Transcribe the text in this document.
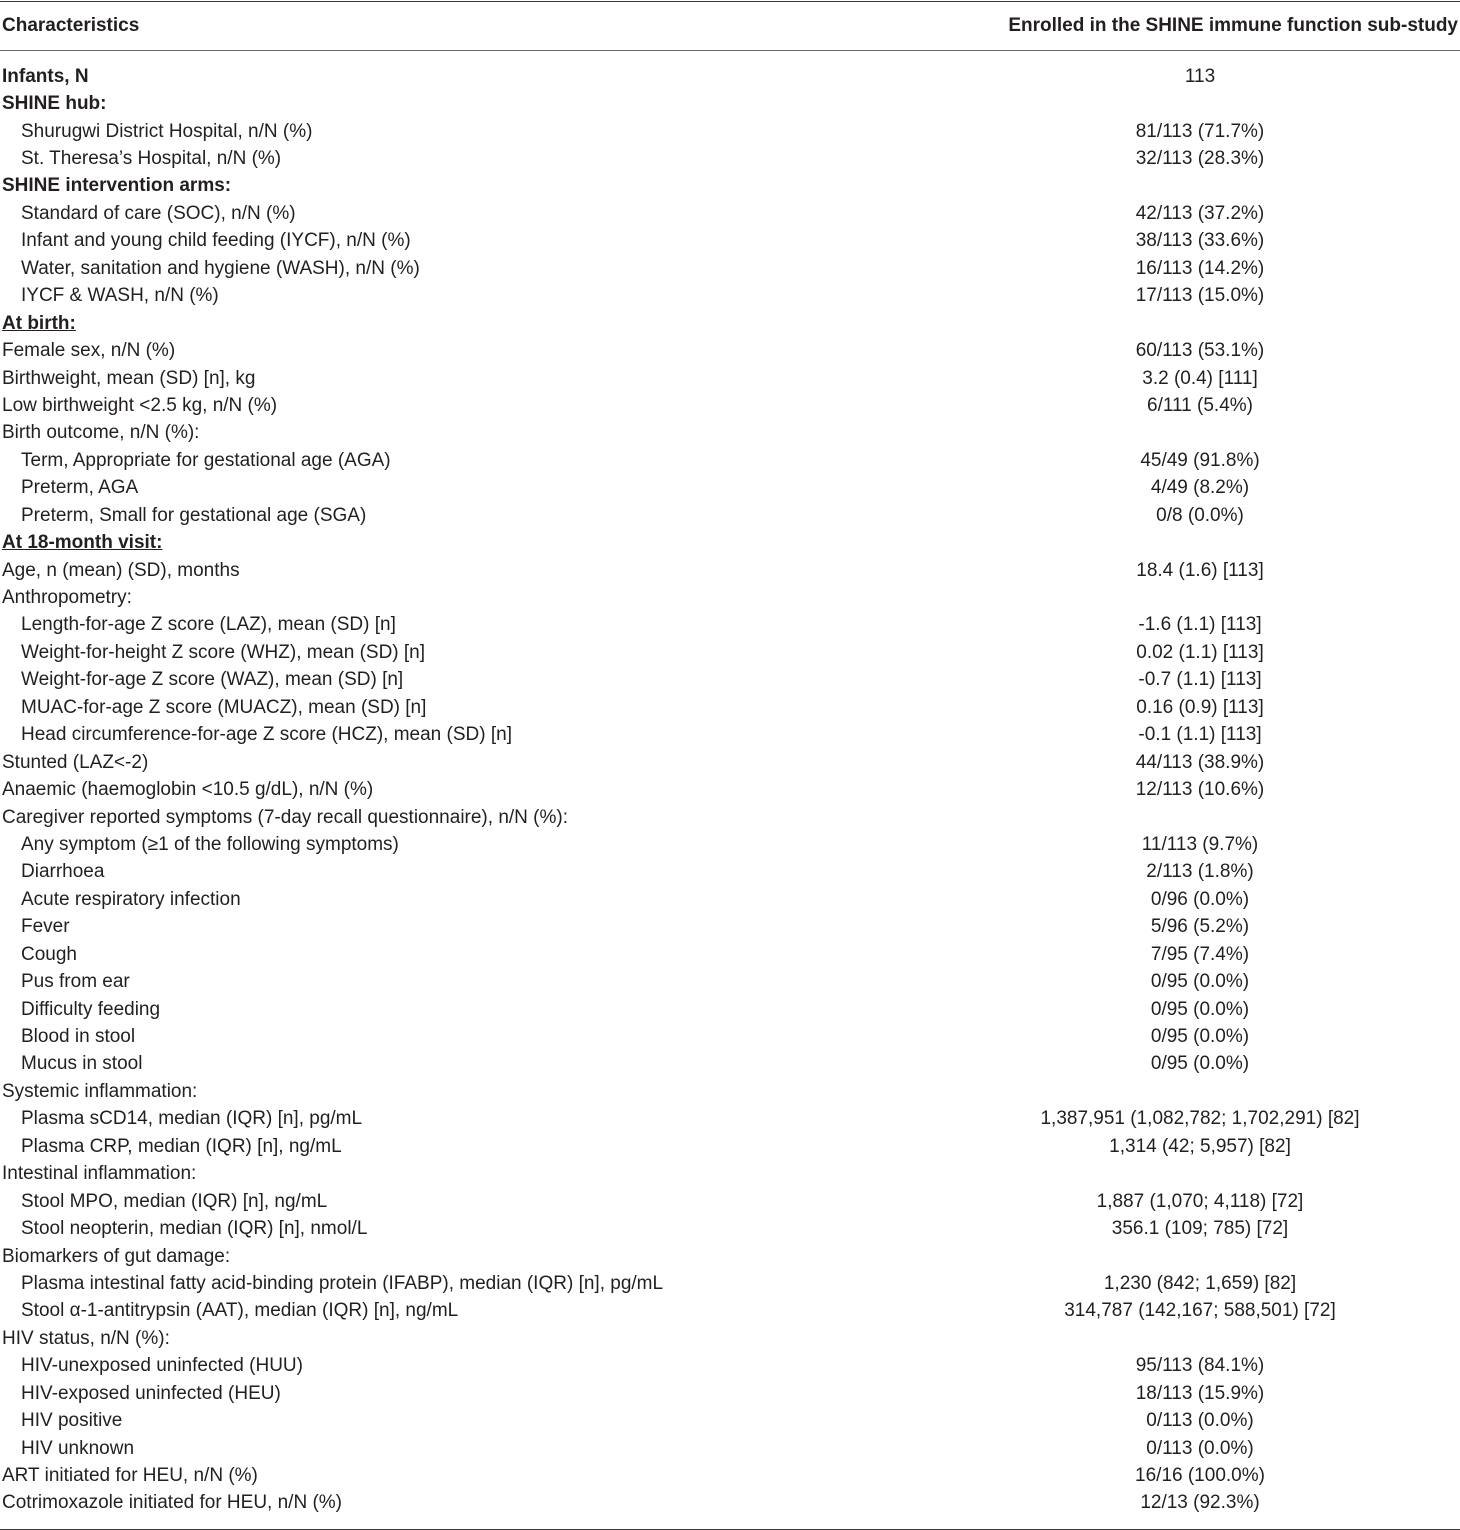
Characteristics	Enrolled in the SHINE immune function sub-study
Infants, N	113
SHINE hub:
Shurugwi District Hospital, n/N (%)	81/113 (71.7%)
St. Theresa’s Hospital, n/N (%)	32/113 (28.3%)
SHINE intervention arms:
Standard of care (SOC), n/N (%)	42/113 (37.2%)
Infant and young child feeding (IYCF), n/N (%)	38/113 (33.6%)
Water, sanitation and hygiene (WASH), n/N (%)	16/113 (14.2%)
IYCF & WASH, n/N (%)	17/113 (15.0%)
At birth:
Female sex, n/N (%)	60/113 (53.1%)
Birthweight, mean (SD) [n], kg	3.2 (0.4) [111]
Low birthweight <2.5 kg, n/N (%)	6/111 (5.4%)
Birth outcome, n/N (%):
Term, Appropriate for gestational age (AGA)	45/49 (91.8%)
Preterm, AGA	4/49 (8.2%)
Preterm, Small for gestational age (SGA)	0/8 (0.0%)
At 18-month visit:
Age, n (mean) (SD), months	18.4 (1.6) [113]
Anthropometry:
Length-for-age Z score (LAZ), mean (SD) [n]	-1.6 (1.1) [113]
Weight-for-height Z score (WHZ), mean (SD) [n]	0.02 (1.1) [113]
Weight-for-age Z score (WAZ), mean (SD) [n]	-0.7 (1.1) [113]
MUAC-for-age Z score (MUACZ), mean (SD) [n]	0.16 (0.9) [113]
Head circumference-for-age Z score (HCZ), mean (SD) [n]	-0.1 (1.1) [113]
Stunted (LAZ<-2)	44/113 (38.9%)
Anaemic (haemoglobin <10.5 g/dL), n/N (%)	12/113 (10.6%)
Caregiver reported symptoms (7-day recall questionnaire), n/N (%):
Any symptom (≥1 of the following symptoms)	11/113 (9.7%)
Diarrhoea	2/113 (1.8%)
Acute respiratory infection	0/96 (0.0%)
Fever	5/96 (5.2%)
Cough	7/95 (7.4%)
Pus from ear	0/95 (0.0%)
Difficulty feeding	0/95 (0.0%)
Blood in stool	0/95 (0.0%)
Mucus in stool	0/95 (0.0%)
Systemic inflammation:
Plasma sCD14, median (IQR) [n], pg/mL	1,387,951 (1,082,782; 1,702,291) [82]
Plasma CRP, median (IQR) [n], ng/mL	1,314 (42; 5,957) [82]
Intestinal inflammation:
Stool MPO, median (IQR) [n], ng/mL	1,887 (1,070; 4,118) [72]
Stool neopterin, median (IQR) [n], nmol/L	356.1 (109; 785) [72]
Biomarkers of gut damage:
Plasma intestinal fatty acid-binding protein (IFABP), median (IQR) [n], pg/mL	1,230 (842; 1,659) [82]
Stool α-1-antitrypsin (AAT), median (IQR) [n], ng/mL	314,787 (142,167; 588,501) [72]
HIV status, n/N (%):
HIV-unexposed uninfected (HUU)	95/113 (84.1%)
HIV-exposed uninfected (HEU)	18/113 (15.9%)
HIV positive	0/113 (0.0%)
HIV unknown	0/113 (0.0%)
ART initiated for HEU, n/N (%)	16/16 (100.0%)
Cotrimoxazole initiated for HEU, n/N (%)	12/13 (92.3%)
